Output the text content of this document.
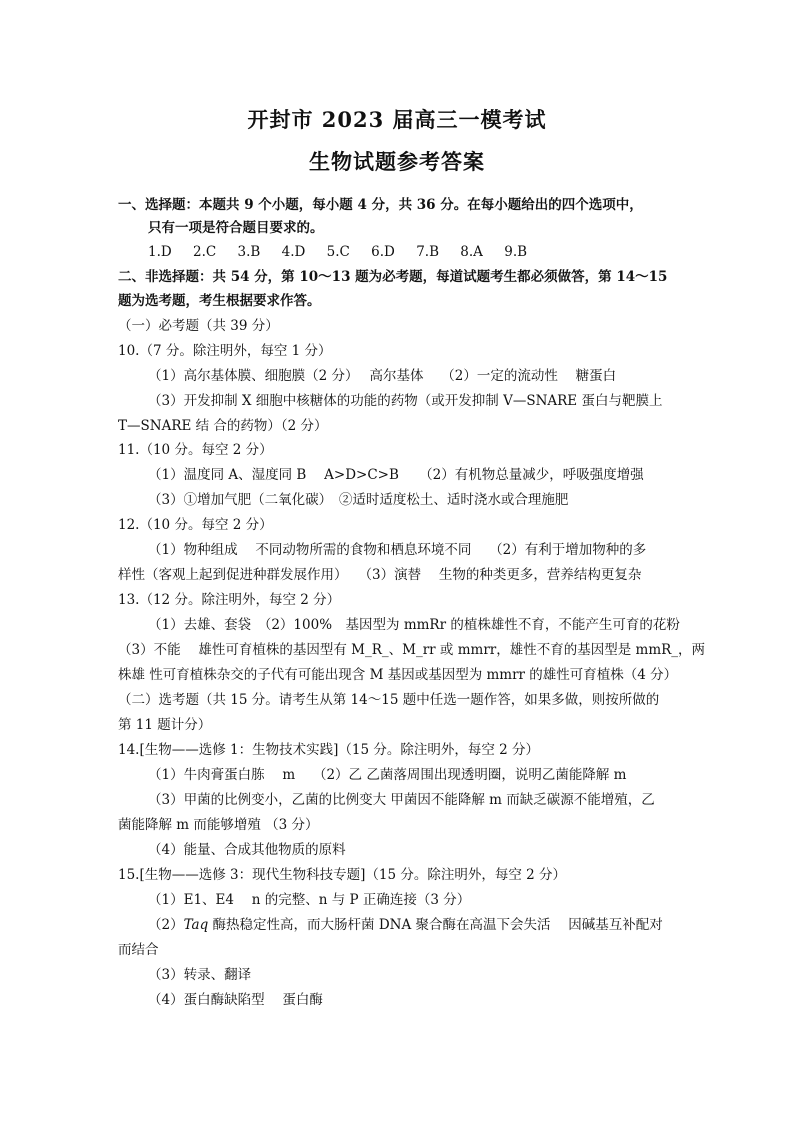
开封市 2023 届高三一模考试
生物试题参考答案
一、选择题：本题共 9 个小题，每小题 4 分，共 36 分。在每小题给出的四个选项中，
只有一项是符合题目要求的。
1.D 2.C 3.B 4.D 5.C 6.D 7.B 8.A 9.B
二、非选择题：共 54 分，第 10～13 题为必考题，每道试题考生都必须做答，第 14～15
题为选考题，考生根据要求作答。
（一）必考题（共 39 分）
10.（7 分。除注明外，每空 1 分）
（1）高尔基体膜、细胞膜（2 分）　 高尔基体　 （2）一定的流动性　 糖蛋白
（3）开发抑制 X 细胞中核糖体的功能的药物（或开发抑制 V—SNARE 蛋白与靶膜上
T—SNARE 结 合的药物）（2 分）
11.（10 分。每空 2 分）
（1）温度同 A、湿度同 B　 A>D>C>B　　（2）有机物总量减少，呼吸强度增强
（3）①增加气肥（二氧化碳）　②适时适度松土、适时浇水或合理施肥
12.（10 分。每空 2 分）
（1）物种组成　 不同动物所需的食物和栖息环境不同　 （2）有利于增加物种的多
样性（客观上起到促进种群发展作用）　 （3）演替　 生物的种类更多，营养结构更复杂
13.（12 分。除注明外，每空 2 分）
（1）去雄、套袋　（2）100%　基因型为 mmRr 的植株雄性不育，不能产生可育的花粉
（3）不能　 雄性可育植株的基因型有 M_R_、M_rr 或 mmrr，雄性不育的基因型是 mmR_，两
株雄 性可育植株杂交的子代有可能出现含 M 基因或基因型为 mmrr 的雄性可育植株（4 分）
（二）选考题（共 15 分。请考生从第 14～15 题中任选一题作答，如果多做，则按所做的
第 11 题计分）
14.[生物——选修 1：生物技术实践]（15 分。除注明外，每空 2 分）
（1）牛肉膏蛋白胨　 m　 （2）乙 乙菌落周围出现透明圈，说明乙菌能降解 m
（3）甲菌的比例变小，乙菌的比例变大 甲菌因不能降解 m 而缺乏碳源不能增殖，乙
菌能降解 m 而能够增殖 （3 分）
（4）能量、合成其他物质的原料
15.[生物——选修 3：现代生物科技专题]（15 分。除注明外，每空 2 分）
（1）E1、E4　 n 的完整、n 与 P 正确连接（3 分）
（2）Taq 酶热稳定性高，而大肠杆菌 DNA 聚合酶在高温下会失活　 因碱基互补配对
而结合
（3）转录、翻译
（4）蛋白酶缺陷型　 蛋白酶
